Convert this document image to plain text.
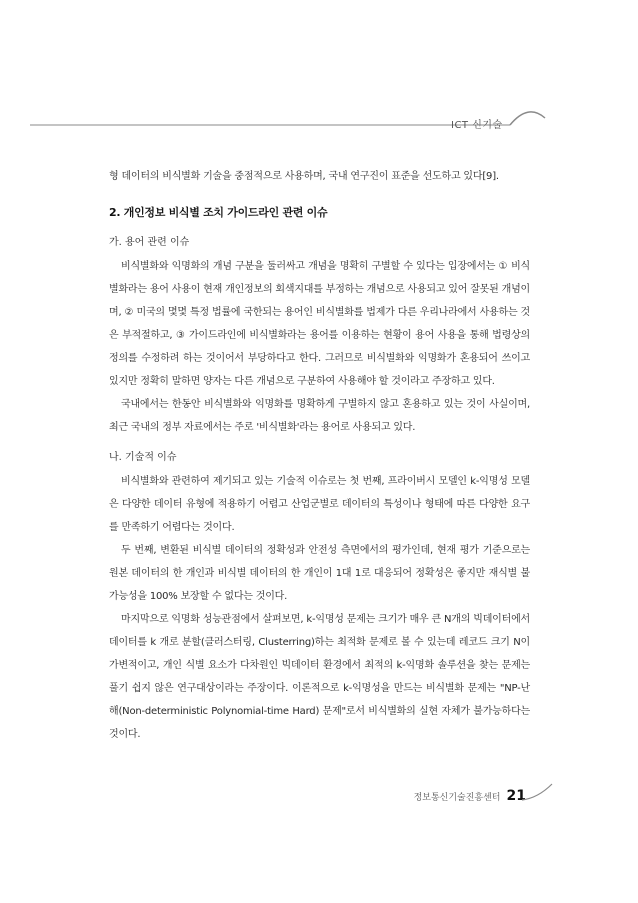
ICT 신기술

형 데이터의 비식별화 기술을 중점적으로 사용하며, 국내 연구진이 표준을 선도하고 있다[9].

2. 개인정보 비식별 조치 가이드라인 관련 이슈
가. 용어 관련 이슈

비식별화와 익명화의 개념 구분을 둘러싸고 개념을 명확히 구별할 수 있다는 입장에서는 ① 비식별화라는 용어 사용이 현재 개인정보의 회색지대를 부정하는 개념으로 사용되고 있어 잘못된 개념이며, ② 미국의 몇몇 특정 법률에 국한되는 용어인 비식별화를 법제가 다른 우리나라에서 사용하는 것은 부적절하고, ③ 가이드라인에 비식별화라는 용어를 이용하는 현황이 용어 사용을 통해 법령상의 정의를 수정하려 하는 것이어서 부당하다고 한다. 그러므로 비식별화와 익명화가 혼용되어 쓰이고 있지만 정확히 말하면 양자는 다른 개념으로 구분하여 사용해야 할 것이라고 주장하고 있다.

국내에서는 한동안 비식별화와 익명화를 명확하게 구별하지 않고 혼용하고 있는 것이 사실이며, 최근 국내의 정부 자료에서는 주로 '비식별화'라는 용어로 사용되고 있다.

나. 기술적 이슈

비식별화와 관련하여 제기되고 있는 기술적 이슈로는 첫 번째, 프라이버시 모델인 k-익명성 모델은 다양한 데이터 유형에 적용하기 어렵고 산업군별로 데이터의 특성이나 형태에 따른 다양한 요구를 만족하기 어렵다는 것이다.

두 번째, 변환된 비식별 데이터의 정확성과 안전성 측면에서의 평가인데, 현재 평가 기준으로는 원본 데이터의 한 개인과 비식별 데이터의 한 개인이 1대 1로 대응되어 정확성은 좋지만 재식별 불가능성을 100% 보장할 수 없다는 것이다.

마지막으로 익명화 성능관점에서 살펴보면, k-익명성 문제는 크기가 매우 큰 N개의 빅데이터에서 데이터를 k 개로 분할(클러스터링, Clusterring)하는 최적화 문제로 볼 수 있는데 레코드 크기 N이 가변적이고, 개인 식별 요소가 다차원인 빅데이터 환경에서 최적의 k-익명화 솔루션을 찾는 문제는 풀기 쉽지 않은 연구대상이라는 주장이다. 이론적으로 k-익명성을 만드는 비식별화 문제는 "NP-난해(Non-deterministic Polynomial-time Hard) 문제"로서 비식별화의 실현 자체가 불가능하다는 것이다.

정보통신기술진흥센터 21
